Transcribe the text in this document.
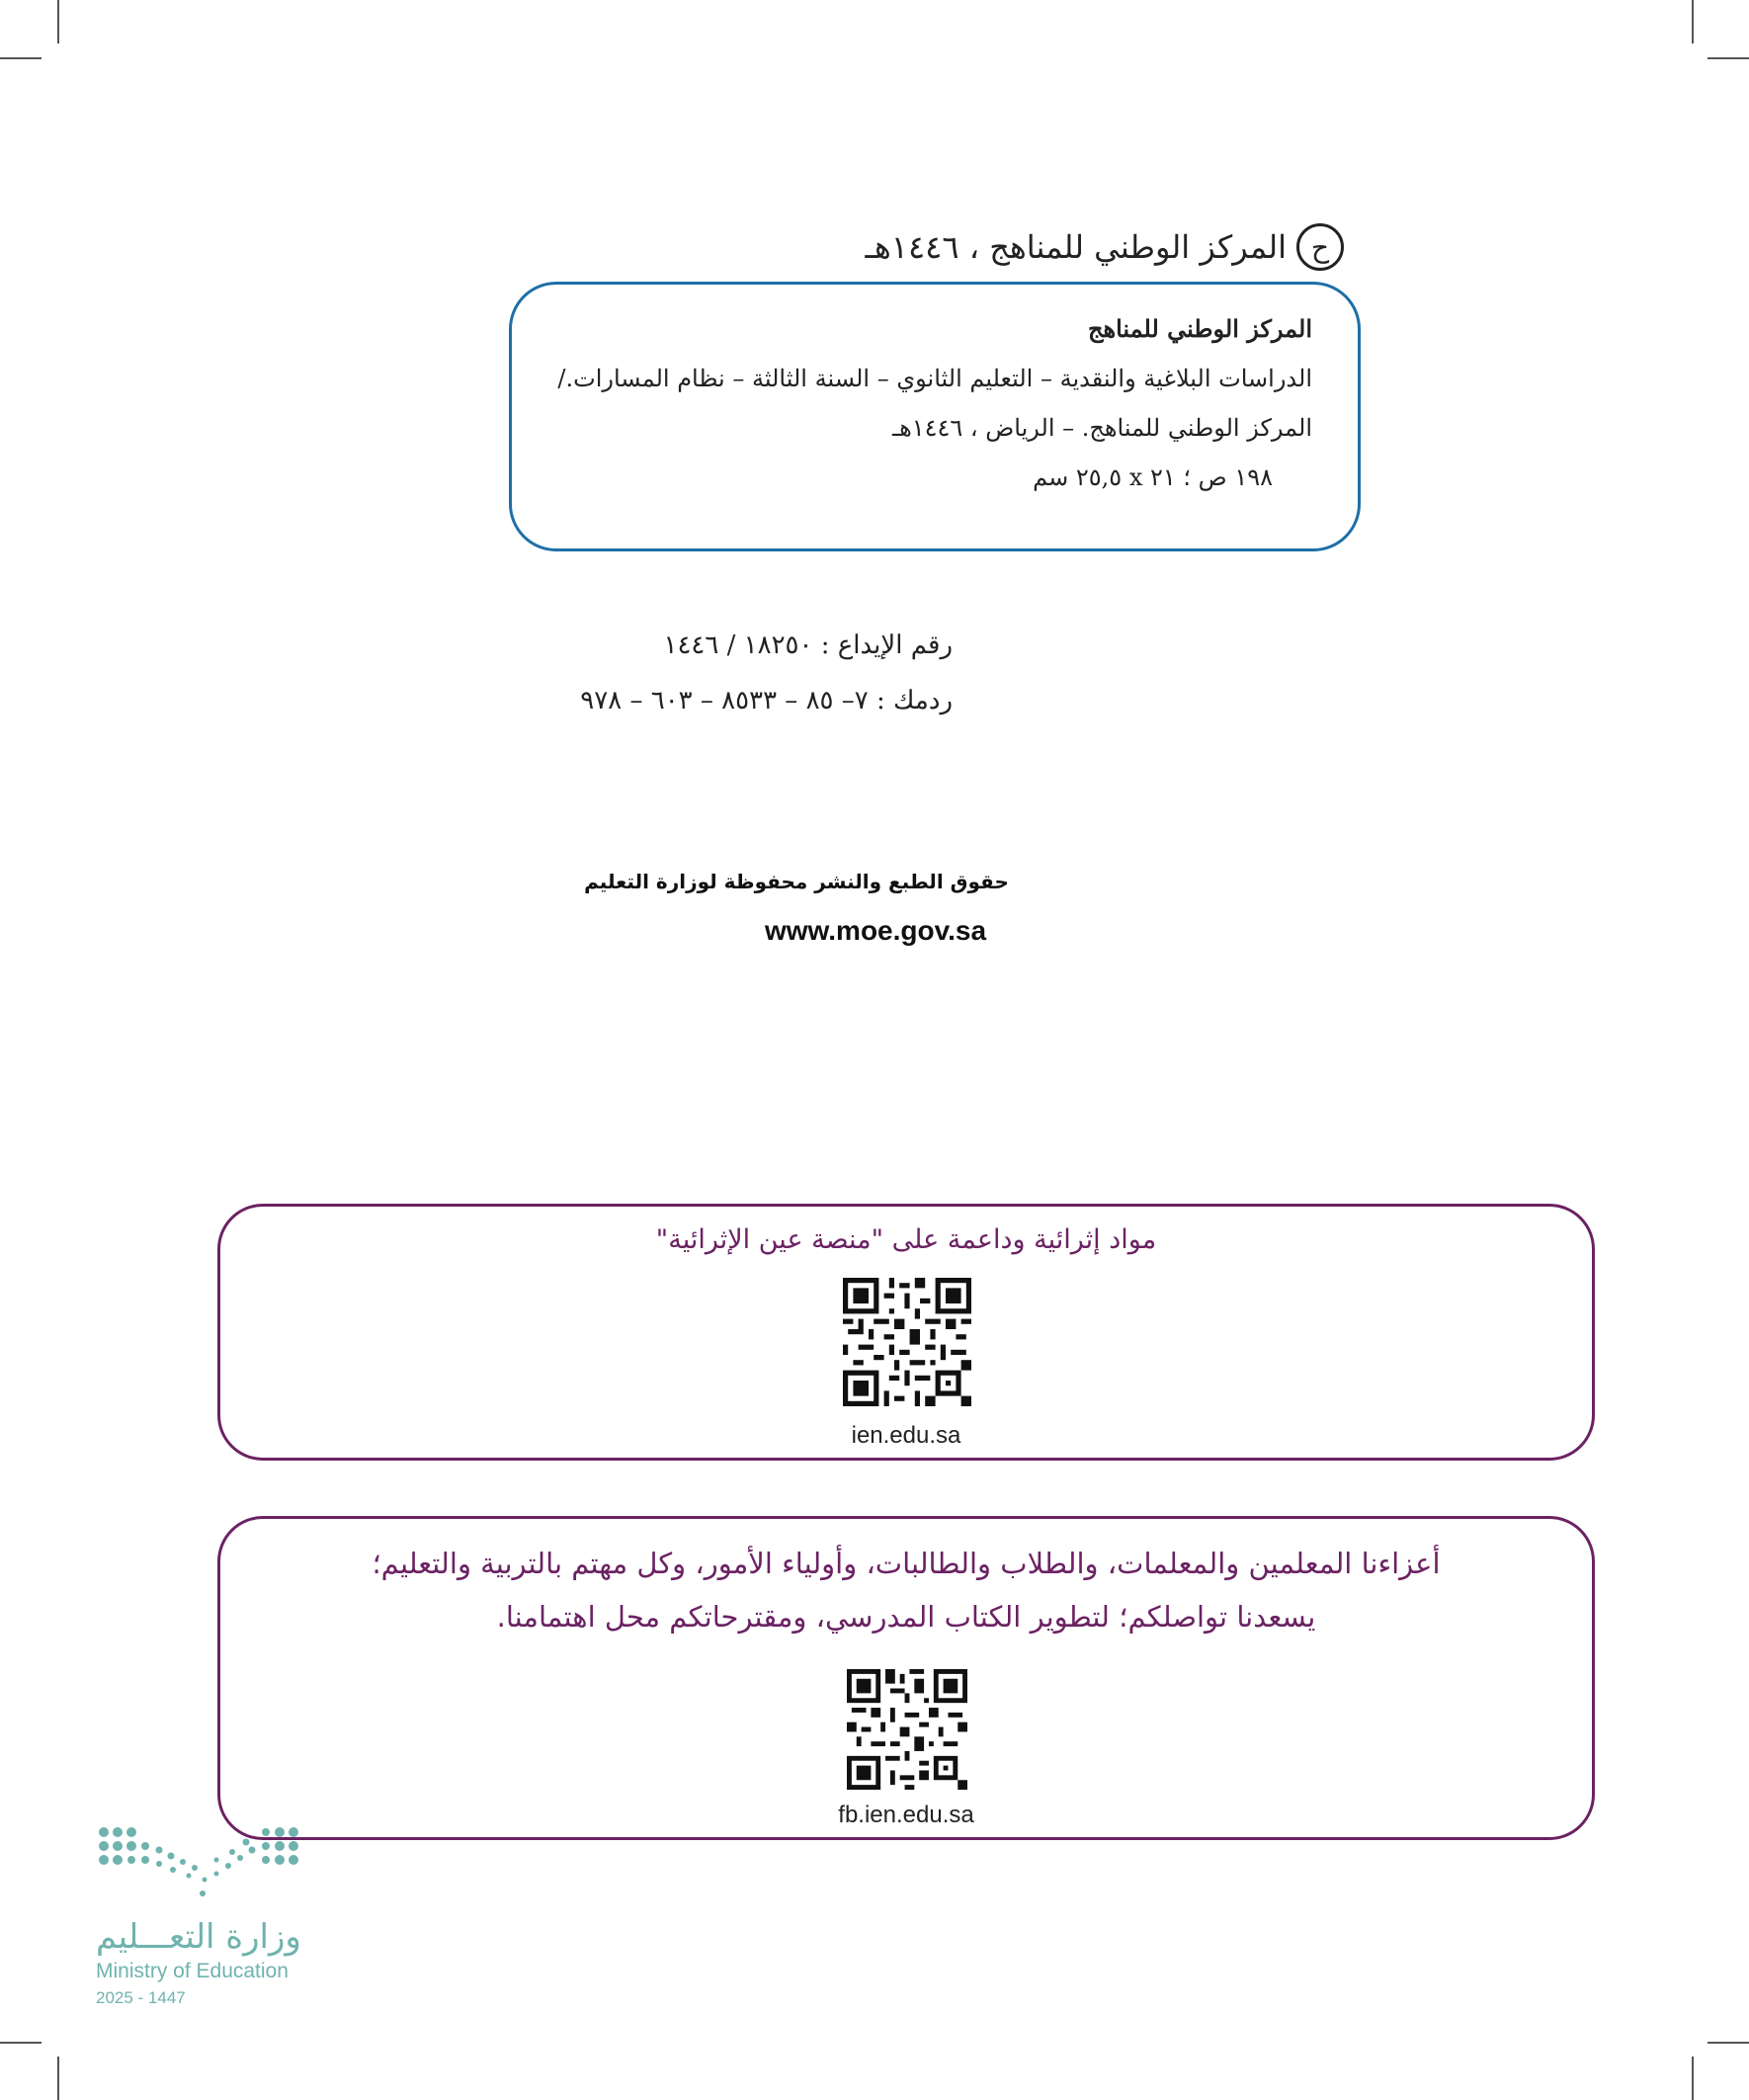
ح
المركز الوطني للمناهج ، ١٤٤٦هـ
المركز الوطني للمناهج
الدراسات البلاغية والنقدية – التعليم الثانوي – السنة الثالثة – نظام المسارات./
المركز الوطني للمناهج. – الرياض ، ١٤٤٦هـ
١٩٨ ص ؛ ٢١ x ٢٥,٥ سم
رقم الإيداع : ١٨٢٥٠ / ١٤٤٦
ردمك : ٧– ٨٥ – ٨٥٣٣ – ٦٠٣ – ٩٧٨
حقوق الطبع والنشر محفوظة لوزارة التعليم
www.moe.gov.sa
مواد إثرائية وداعمة على "منصة عين الإثرائية"
ien.edu.sa
أعزاءنا المعلمين والمعلمات، والطلاب والطالبات، وأولياء الأمور، وكل مهتم بالتربية والتعليم؛
يسعدنا تواصلكم؛ لتطوير الكتاب المدرسي، ومقترحاتكم محل اهتمامنا.
fb.ien.edu.sa
وزارة التعـــليم
Ministry of Education
2025 - 1447
